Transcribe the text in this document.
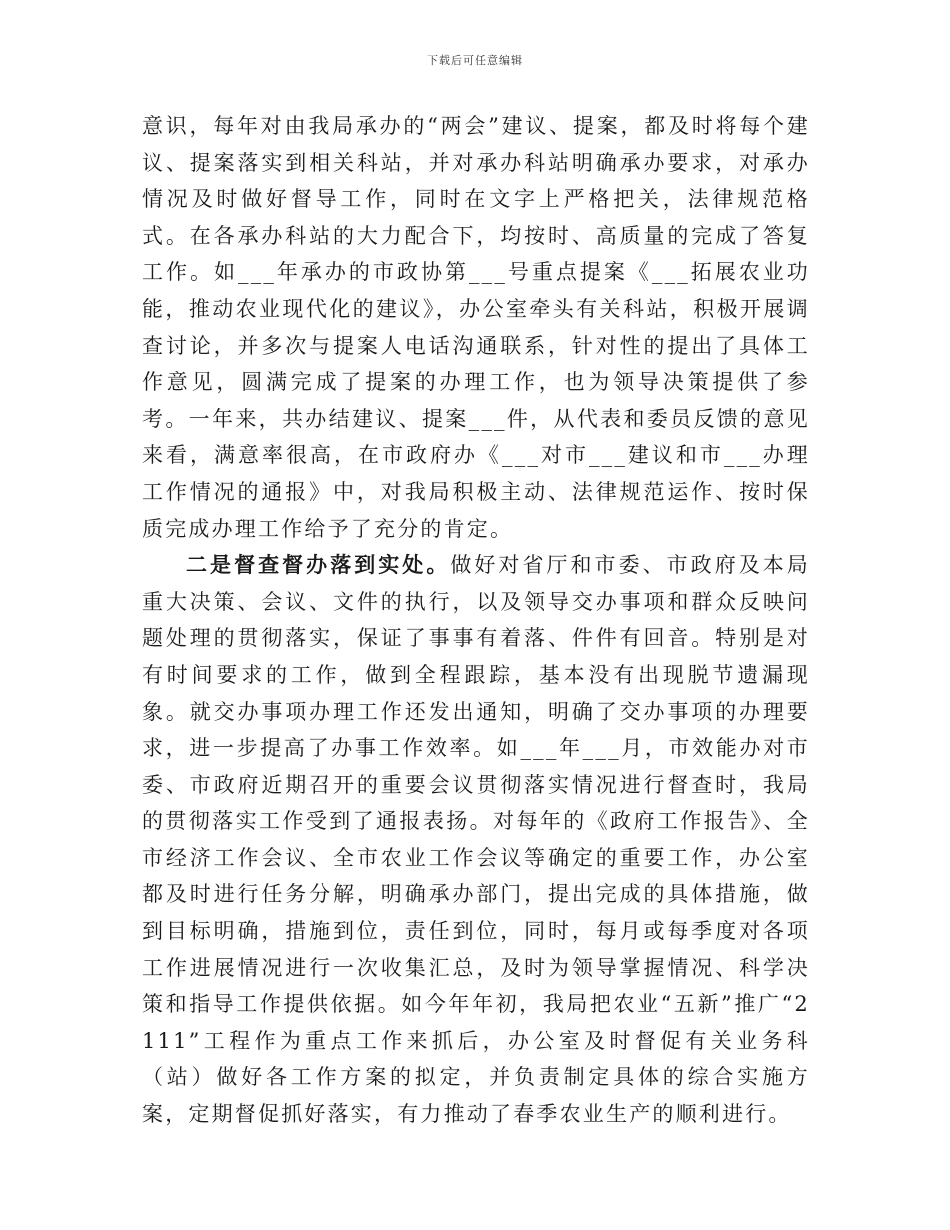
下载后可任意编辑

意识，每年对由我局承办的“两会”建议、提案，都及时将每个建议、提案落实到相关科站，并对承办科站明确承办要求，对承办情况及时做好督导工作，同时在文字上严格把关，法律规范格式。在各承办科站的大力配合下，均按时、高质量的完成了答复工作。如___年承办的市政协第___号重点提案《___拓展农业功能，推动农业现代化的建议》，办公室牵头有关科站，积极开展调查讨论，并多次与提案人电话沟通联系，针对性的提出了具体工作意见，圆满完成了提案的办理工作，也为领导决策提供了参考。一年来，共办结建议、提案___件，从代表和委员反馈的意见来看，满意率很高，在市政府办《___对市___建议和市___办理工作情况的通报》中，对我局积极主动、法律规范运作、按时保质完成办理工作给予了充分的肯定。

二是督查督办落到实处。做好对省厅和市委、市政府及本局重大决策、会议、文件的执行，以及领导交办事项和群众反映问题处理的贯彻落实，保证了事事有着落、件件有回音。特别是对有时间要求的工作，做到全程跟踪，基本没有出现脱节遗漏现象。就交办事项办理工作还发出通知，明确了交办事项的办理要求，进一步提高了办事工作效率。如___年___月，市效能办对市委、市政府近期召开的重要会议贯彻落实情况进行督查时，我局的贯彻落实工作受到了通报表扬。对每年的《政府工作报告》、全市经济工作会议、全市农业工作会议等确定的重要工作，办公室都及时进行任务分解，明确承办部门，提出完成的具体措施，做到目标明确，措施到位，责任到位，同时，每月或每季度对各项工作进展情况进行一次收集汇总，及时为领导掌握情况、科学决策和指导工作提供依据。如今年年初，我局把农业“五新”推广“2111”工程作为重点工作来抓后，办公室及时督促有关业务科（站）做好各工作方案的拟定，并负责制定具体的综合实施方案，定期督促抓好落实，有力推动了春季农业生产的顺利进行。
